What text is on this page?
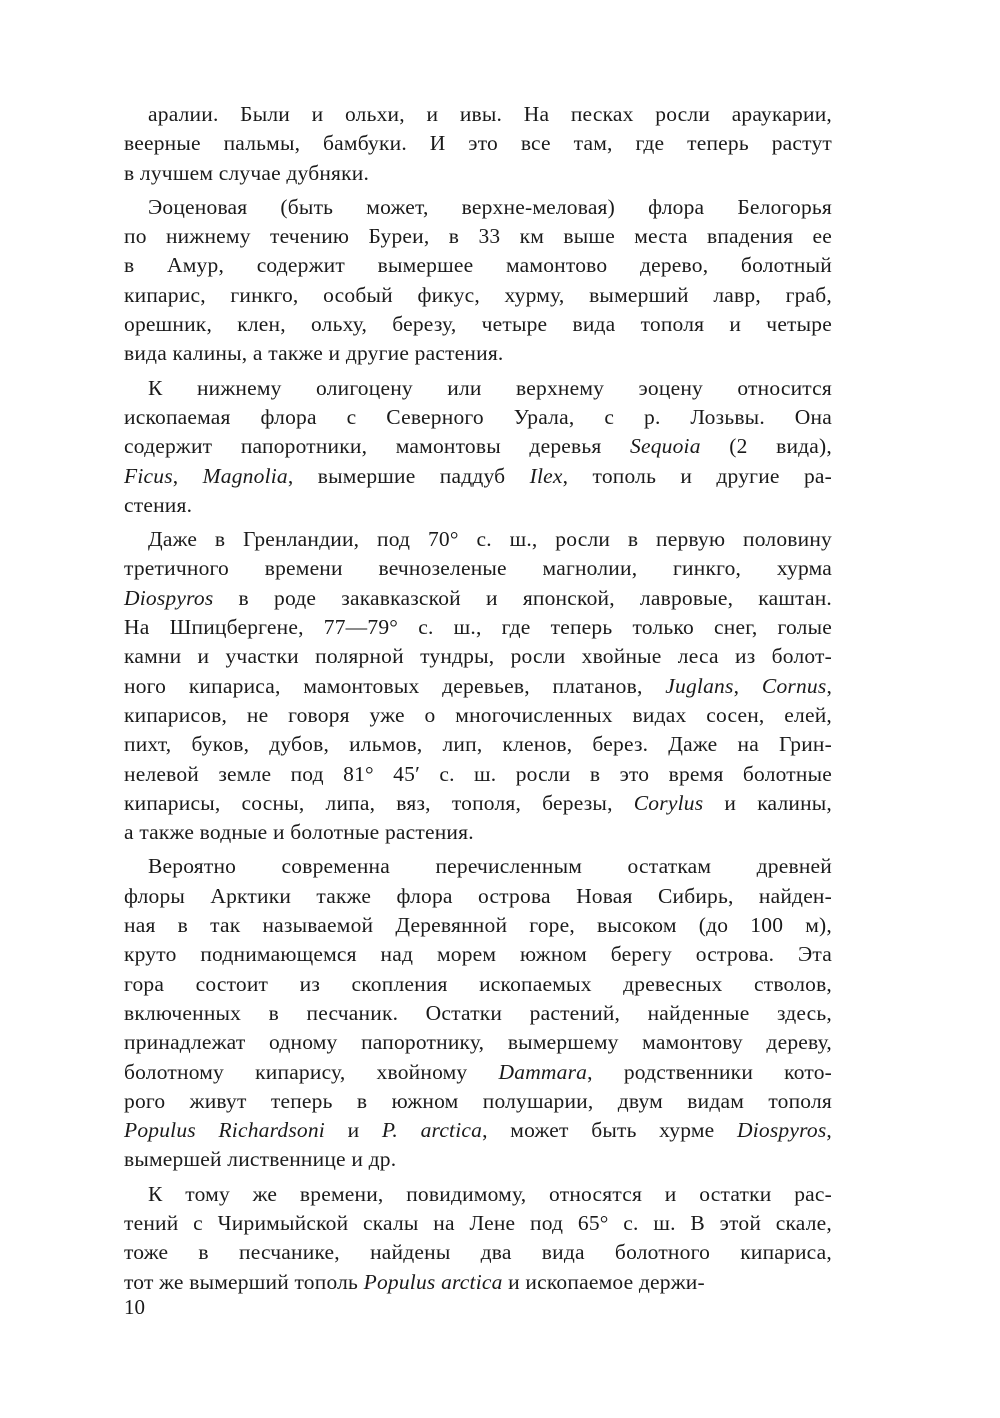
аралии. Были и ольхи, и ивы. На песках росли араукарии,
веерные пальмы, бамбуки. И это все там, где теперь растут
в лучшем случае дубняки.
Эоценовая (быть может, верхне-меловая) флора Белогорья
по нижнему течению Буреи, в 33 км выше места впадения ее
в Амур, содержит вымершее мамонтово дерево, болотный
кипарис, гинкго, особый фикус, хурму, вымерший лавр, граб,
орешник, клен, ольху, березу, четыре вида тополя и четыре
вида калины, а также и другие растения.
К нижнему олигоцену или верхнему эоцену относится
ископаемая флора с Северного Урала, с р. Лозьвы. Она
содержит папоротники, мамонтовы деревья Sequoia (2 вида),
Ficus, Magnolia, вымершие паддуб Ilex, тополь и другие ра-
стения.
Даже в Гренландии, под 70° с. ш., росли в первую половину
третичного времени вечнозеленые магнолии, гинкго, хурма
Diospyros в роде закавказской и японской, лавровые, каштан.
На Шпицбергене, 77—79° с. ш., где теперь только снег, голые
камни и участки полярной тундры, росли хвойные леса из болот-
ного кипариса, мамонтовых деревьев, платанов, Juglans, Cornus,
кипарисов, не говоря уже о многочисленных видах сосен, елей,
пихт, буков, дубов, ильмов, лип, кленов, берез. Даже на Грин-
нелевой земле под 81° 45′ с. ш. росли в это время болотные
кипарисы, сосны, липа, вяз, тополя, березы, Corylus и калины,
а также водные и болотные растения.
Вероятно современна перечисленным остаткам древней
флоры Арктики также флора острова Новая Сибирь, найден-
ная в так называемой Деревянной горе, высоком (до 100 м),
круто поднимающемся над морем южном берегу острова. Эта
гора состоит из скопления ископаемых древесных стволов,
включенных в песчаник. Остатки растений, найденные здесь,
принадлежат одному папоротнику, вымершему мамонтову дереву,
болотному кипарису, хвойному Dammara, родственники кото-
рого живут теперь в южном полушарии, двум видам тополя
Populus Richardsoni и P. arctica, может быть хурме Diospyros,
вымершей лиственнице и др.
К тому же времени, повидимому, относятся и остатки рас-
тений с Чиримыйской скалы на Лене под 65° с. ш. В этой скале,
тоже в песчанике, найдены два вида болотного кипариса,
тот же вымерший тополь Populus arctica и ископаемое держи-
10
